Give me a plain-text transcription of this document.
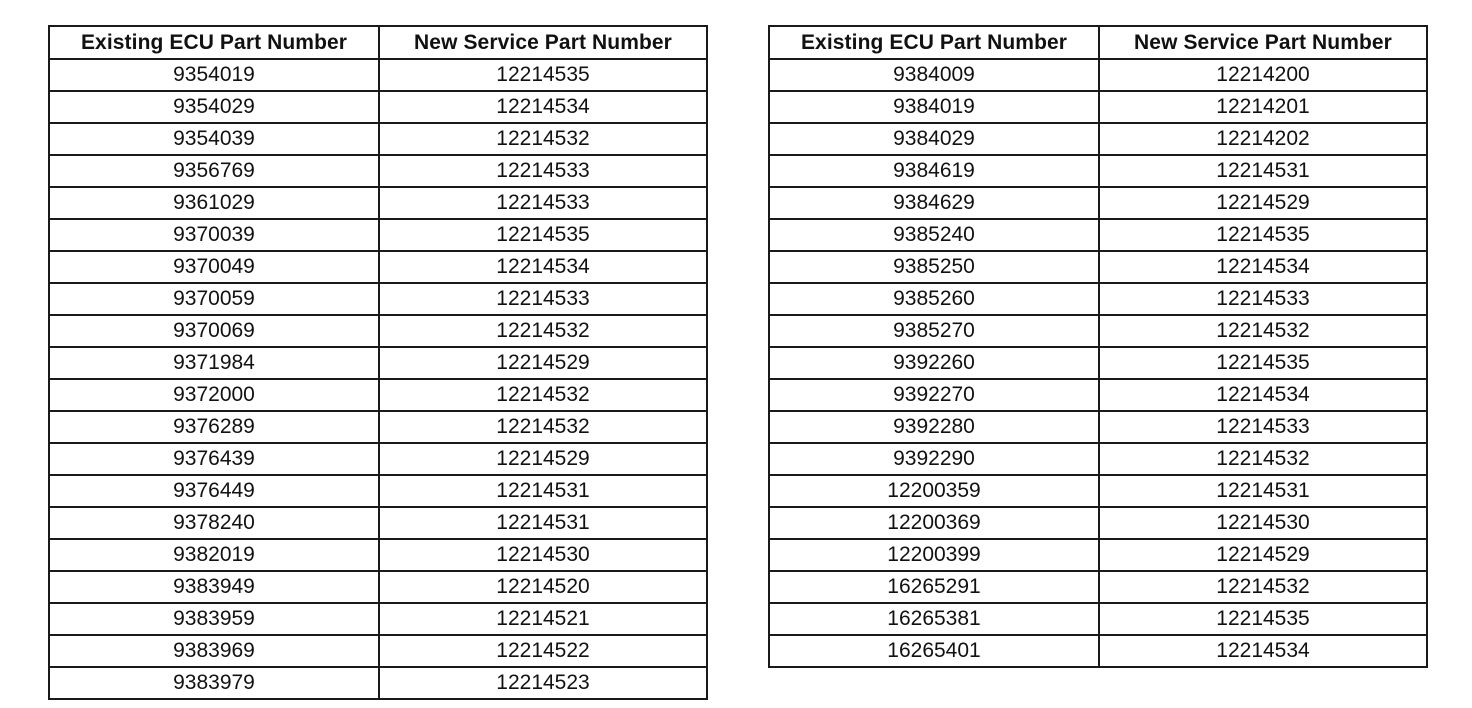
Existing ECU Part Number	New Service Part Number
9354019	12214535
9354029	12214534
9354039	12214532
9356769	12214533
9361029	12214533
9370039	12214535
9370049	12214534
9370059	12214533
9370069	12214532
9371984	12214529
9372000	12214532
9376289	12214532
9376439	12214529
9376449	12214531
9378240	12214531
9382019	12214530
9383949	12214520
9383959	12214521
9383969	12214522
9383979	12214523
Existing ECU Part Number	New Service Part Number
9384009	12214200
9384019	12214201
9384029	12214202
9384619	12214531
9384629	12214529
9385240	12214535
9385250	12214534
9385260	12214533
9385270	12214532
9392260	12214535
9392270	12214534
9392280	12214533
9392290	12214532
12200359	12214531
12200369	12214530
12200399	12214529
16265291	12214532
16265381	12214535
16265401	12214534
